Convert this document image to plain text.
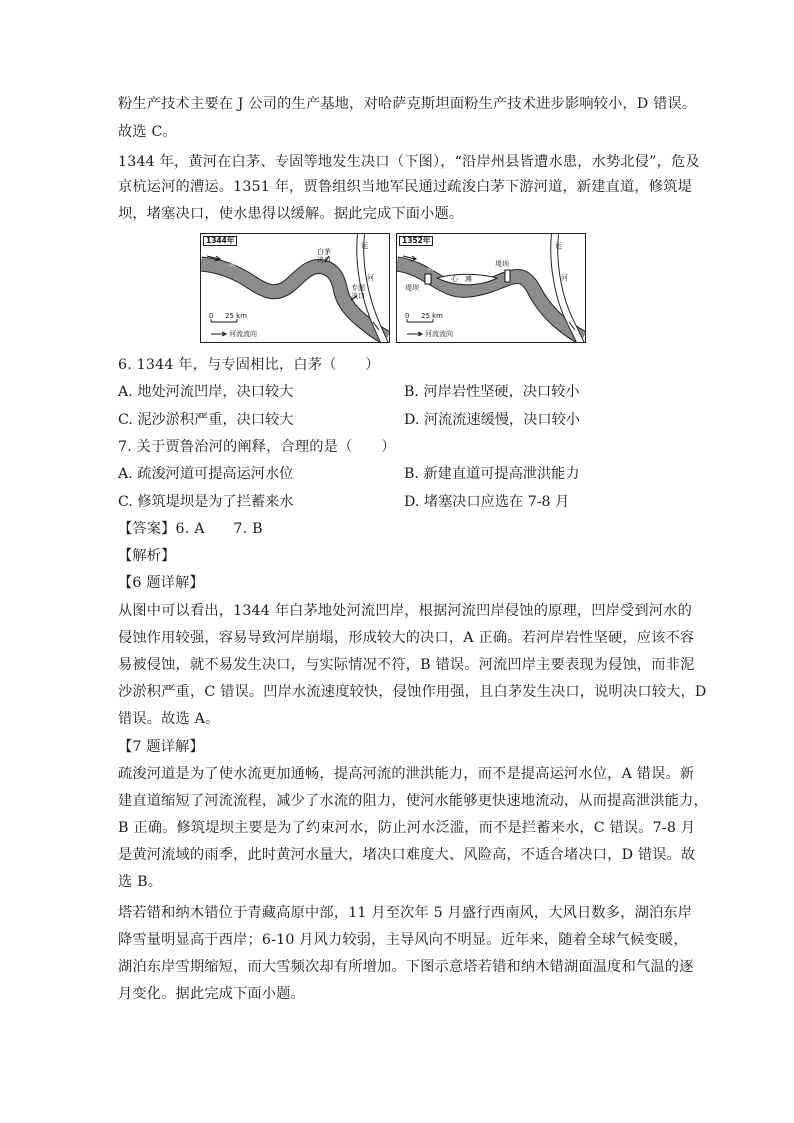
粉生产技术主要在 J 公司的生产基地，对哈萨克斯坦面粉生产技术进步影响较小，D 错误。
故选 C。
1344 年，黄河在白茅、专固等地发生决口（下图），“沿岸州县皆遭水患，水势北侵”，危及
京杭运河的漕运。1351 年，贾鲁组织当地军民通过疏浚白茅下游河道，新建直道，修筑堤
坝，堵塞决口，使水患得以缓解。据此完成下面小题。
1344年
白茅
决口
专固
决口
黄
运
河
0 25 km
河流流向
1352年
堤坝
堤坝
心 滩
黄
运
河
0 25 km
河流流向
6. 1344 年，与专固相比，白茅（　　）
A. 地处河流凹岸，决口较大	B. 河岸岩性坚硬，决口较小
C. 泥沙淤积严重，决口较大	D. 河流流速缓慢，决口较小
7. 关于贾鲁治河的阐释，合理的是（　　）
A. 疏浚河道可提高运河水位	B. 新建直道可提高泄洪能力
C. 修筑堤坝是为了拦蓄来水	D. 堵塞决口应选在 7-8 月
【答案】6. A　　7. B
【解析】
【6 题详解】
从图中可以看出，1344 年白茅地处河流凹岸，根据河流凹岸侵蚀的原理，凹岸受到河水的
侵蚀作用较强，容易导致河岸崩塌，形成较大的决口，A 正确。若河岸岩性坚硬，应该不容
易被侵蚀，就不易发生决口，与实际情况不符，B 错误。河流凹岸主要表现为侵蚀，而非泥
沙淤积严重，C 错误。凹岸水流速度较快，侵蚀作用强，且白茅发生决口，说明决口较大，D
错误。故选 A。
【7 题详解】
疏浚河道是为了使水流更加通畅，提高河流的泄洪能力，而不是提高运河水位，A 错误。新
建直道缩短了河流流程，减少了水流的阻力，使河水能够更快速地流动，从而提高泄洪能力，
B 正确。修筑堤坝主要是为了约束河水，防止河水泛滥，而不是拦蓄来水，C 错误。7-8 月
是黄河流域的雨季，此时黄河水量大，堵决口难度大、风险高，不适合堵决口，D 错误。故
选 B。
塔若错和纳木错位于青藏高原中部，11 月至次年 5 月盛行西南风，大风日数多，湖泊东岸
降雪量明显高于西岸；6-10 月风力较弱，主导风向不明显。近年来，随着全球气候变暖，
湖泊东岸雪期缩短，而大雪频次却有所增加。下图示意塔若错和纳木错湖面温度和气温的逐
月变化。据此完成下面小题。
